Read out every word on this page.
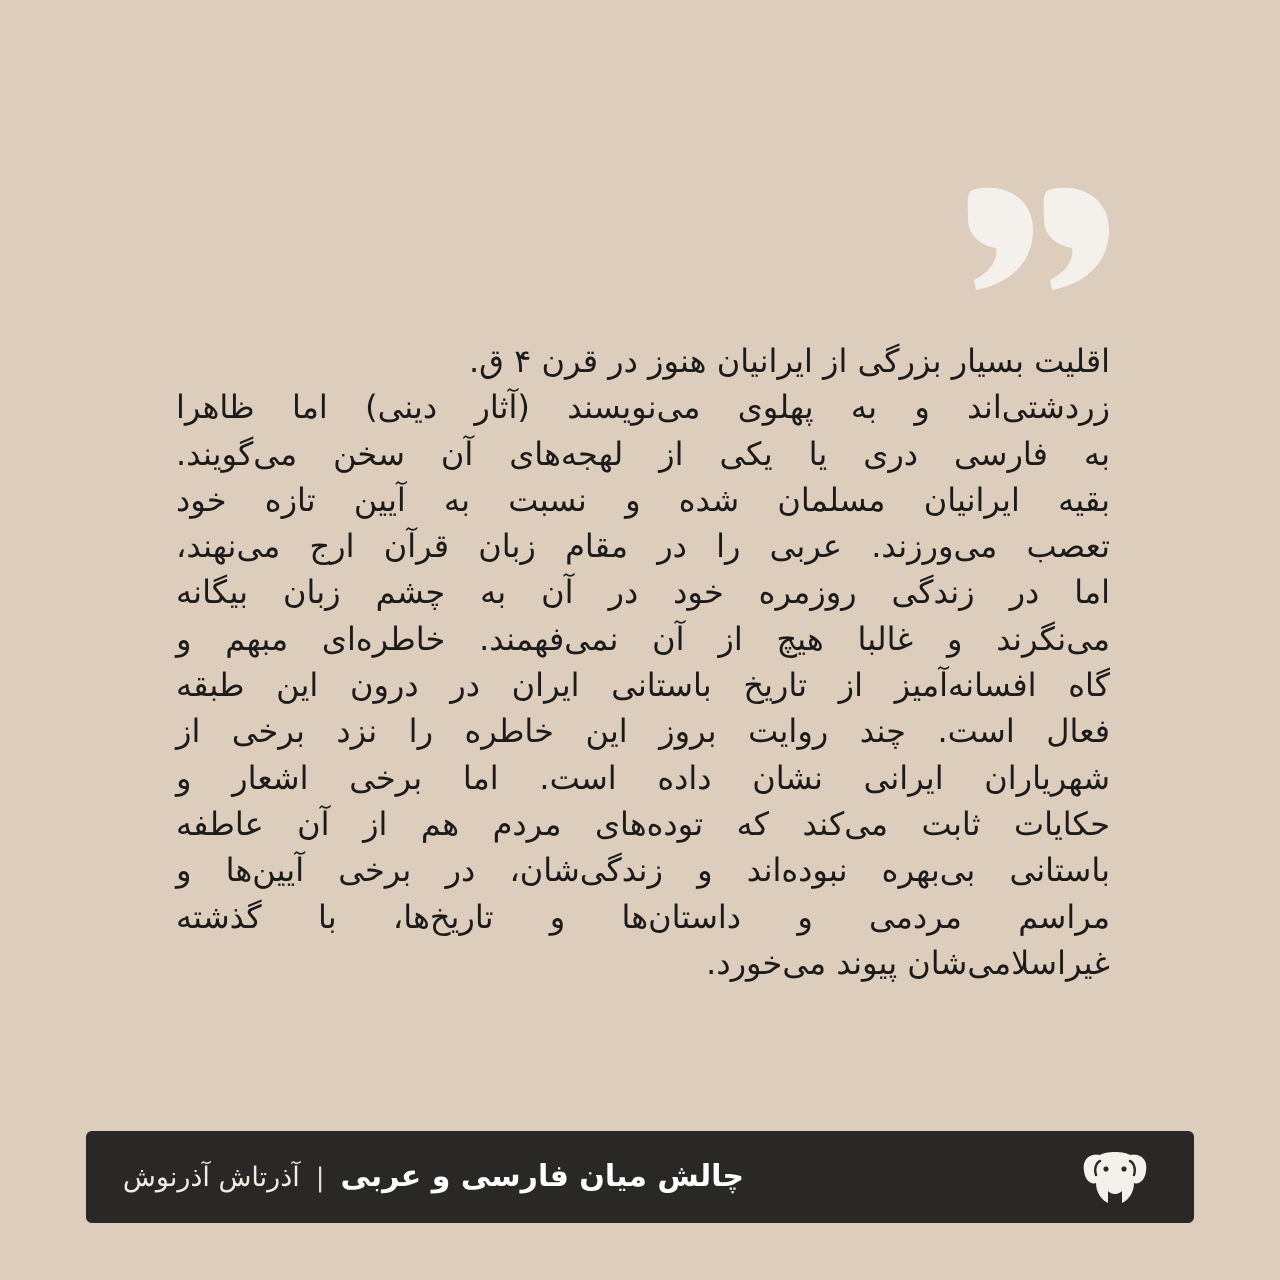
اقلیت بسیار بزرگی از ایرانیان هنوز در قرن ۴ ق.
زردشتی‌اند و به پهلوی می‌نویسند (آثار دینی) اما ظاهرا
به فارسی دری یا یکی از لهجه‌های آن سخن می‌گویند.
بقیه ایرانیان مسلمان شده و نسبت به آیین تازه خود
تعصب می‌ورزند. عربی را در مقام زبان قرآن ارج می‌نهند،
اما در زندگی روزمره خود در آن به چشم زبان بیگانه
می‌نگرند و غالبا هیچ از آن نمی‌فهمند. خاطره‌ای مبهم و
گاه افسانه‌آمیز از تاریخ باستانی ایران در درون این طبقه
فعال است. چند روایت بروز این خاطره را نزد برخی از
شهریاران ایرانی نشان داده است. اما برخی اشعار و
حکایات ثابت می‌کند که توده‌های مردم هم از آن عاطفه
باستانی بی‌بهره نبوده‌اند و زندگی‌شان، در برخی آیین‌ها و
مراسم مردمی و داستان‌ها و تاریخ‌ها، با گذشته
غیراسلامی‌شان پیوند می‌خورد.
چالش میان فارسی و عربی|آذرتاش آذرنوش
